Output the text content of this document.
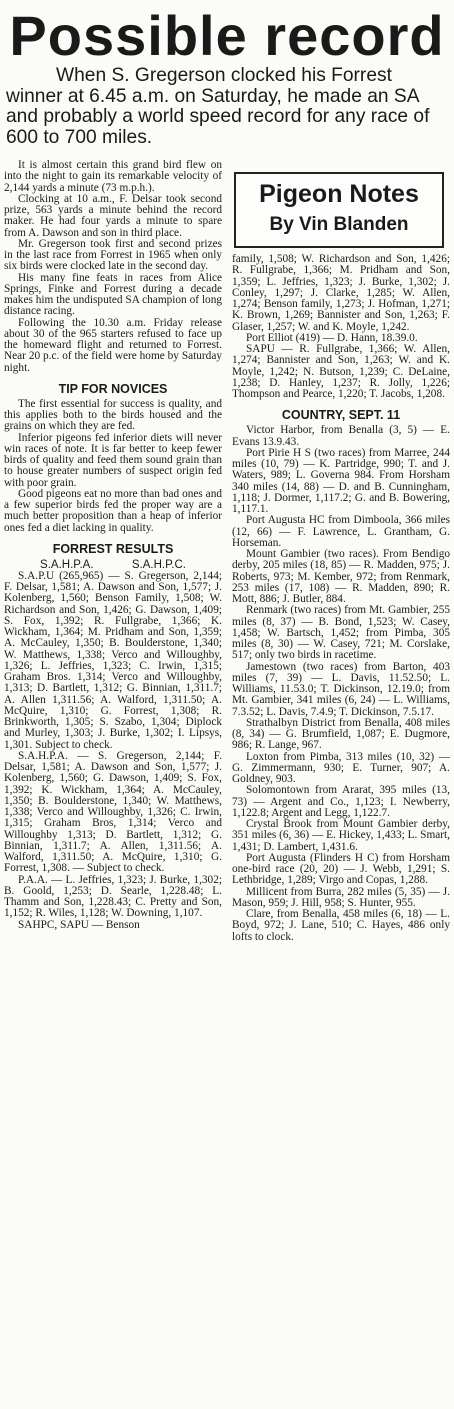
Possible record
When S. Gregerson clocked his Forrest winner at 6.45 a.m. on Saturday, he made an SA and probably a world speed record for any race of 600 to 700 miles.

It is almost certain this grand bird flew on into the night to gain its remarkable velocity of 2,144 yards a minute (73 m.p.h.).

Clocking at 10 a.m., F. Delsar took second prize, 563 yards a minute behind the record maker. He had four yards a minute to spare from A. Dawson and son in third place.

Mr. Gregerson took first and second prizes in the last race from Forrest in 1965 when only six birds were clocked late in the second day.

His many fine feats in races from Alice Springs, Finke and Forrest during a decade makes him the undisputed SA champion of long distance racing.

Following the 10.30 a.m. Friday release about 30 of the 965 starters refused to face up the homeward flight and returned to Forrest. Near 20 p.c. of the field were home by Saturday night.

TIP FOR NOVICES

The first essential for success is quality, and this applies both to the birds housed and the grains on which they are fed.

Inferior pigeons fed inferior diets will never win races of note. It is far better to keep fewer birds of quality and feed them sound grain than to house greater numbers of suspect origin fed with poor grain.

Good pigeons eat no more than bad ones and a few superior birds fed the proper way are a much better proposition than a heap of inferior ones fed a diet lacking in quality.

FORREST RESULTS
S.A.H.P.A.            S.A.H.P.C.

S.A.P.U (265,965) — S. Gregerson, 2,144; F. Delsar, 1,581; A. Dawson and Son, 1,577; J. Kolenberg, 1,560; Benson Family, 1,508; W. Richardson and Son, 1,426; G. Dawson, 1,409; S. Fox, 1,392; R. Fullgrabe, 1,366; K. Wickham, 1,364; M. Pridham and Son, 1,359; A. McCauley, 1,350; B. Boulderstone, 1,340; W. Matthews, 1,338; Verco and Willoughby, 1,326; L. Jeffries, 1,323; C. Irwin, 1,315; Graham Bros. 1,314; Verco and Willoughby, 1,313; D. Bartlett, 1,312; G. Binnian, 1,311.7; A. Allen 1,311.56; A. Walford, 1,311.50; A. McQuire, 1,310; G. Forrest, 1,308; R. Brinkworth, 1,305; S. Szabo, 1,304; Diplock and Murley, 1,303; J. Burke, 1,302; I. Lipsys, 1,301. Subject to check.

S.A.H.P.A. — S. Gregerson, 2,144; F. Delsar, 1,581; A. Dawson and Son, 1,577; J. Kolenberg, 1,560; G. Dawson, 1,409; S. Fox, 1,392; K. Wickham, 1,364; A. McCauley, 1,350; B. Boulderstone, 1,340; W. Matthews, 1,338; Verco and Willoughby, 1,326; C. Irwin, 1,315; Graham Bros, 1,314; Verco and Willoughby 1,313; D. Bartlett, 1,312; G. Binnian, 1,311.7; A. Allen, 1,311.56; A. Walford, 1,311.50; A. McQuire, 1,310; G. Forrest, 1,308. — Subject to check.

P.A.A. — L. Jeffries, 1,323; J. Burke, 1,302; B. Goold, 1,253; D. Searle, 1,228.48; L. Thamm and Son, 1,228.43; C. Pretty and Son, 1,152; R. Wiles, 1,128; W. Downing, 1,107.

SAHPC, SAPU — Benson

Pigeon Notes
By Vin Blanden

family, 1,508; W. Richardson and Son, 1,426; R. Fullgrabe, 1,366; M. Pridham and Son, 1,359; L. Jeffries, 1,323; J. Burke, 1,302; J. Conley, 1,297; J. Clarke, 1,285; W. Allen, 1,274; Benson family, 1,273; J. Hofman, 1,271; K. Brown, 1,269; Bannister and Son, 1,263; F. Glaser, 1,257; W. and K. Moyle, 1,242.

Port Elliot (419) — D. Hann, 18.39.0.

SAPU — R. Fullgrabe, 1,366; W. Allen, 1,274; Bannister and Son, 1,263; W. and K. Moyle, 1,242; N. Butson, 1,239; C. DeLaine, 1,238; D. Hanley, 1,237; R. Jolly, 1,226; Thompson and Pearce, 1,220; T. Jacobs, 1,208.

COUNTRY, SEPT. 11

Victor Harbor, from Benalla (3, 5) — E. Evans 13.9.43.

Port Pirie H S (two races) from Marree, 244 miles (10, 79) — K. Partridge, 990; T. and J. Waters, 989; L. Governa 984. From Horsham 340 miles (14, 88) — D. and B. Cunningham, 1,118; J. Dormer, 1,117.2; G. and B. Bowering, 1,117.1.

Port Augusta HC from Dimboola, 366 miles (12, 66) — F. Lawrence, L. Grantham, G. Horseman.

Mount Gambier (two races). From Bendigo derby, 205 miles (18, 85) — R. Madden, 975; J. Roberts, 973; M. Kember, 972; from Renmark, 253 miles (17, 108) — R. Madden, 890; R. Mott, 886; J. Butler, 884.

Renmark (two races) from Mt. Gambier, 255 miles (8, 37) — B. Bond, 1,523; W. Casey, 1,458; W. Bartsch, 1,452; from Pimba, 305 miles (8, 30) — W. Casey, 721; M. Corslake, 517; only two birds in racetime.

Jamestown (two races) from Barton, 403 miles (7, 39) — L. Davis, 11.52.50; L. Williams, 11.53.0; T. Dickinson, 12.19.0; from Mt. Gambier, 341 miles (6, 24) — L. Williams, 7.3.52; L. Davis, 7.4.9; T. Dickinson, 7.5.17.

Strathalbyn District from Benalla, 408 miles (8, 34) — G. Brumfield, 1,087; E. Dugmore, 986; R. Lange, 967.

Loxton from Pimba, 313 miles (10, 32) — G. Zimmermann, 930; E. Turner, 907; A. Goldney, 903.

Solomontown from Ararat, 395 miles (13, 73) — Argent and Co., 1,123; I. Newberry, 1,122.8; Argent and Legg, 1,122.7.

Crystal Brook from Mount Gambier derby, 351 miles (6, 36) — E. Hickey, 1,433; L. Smart, 1,431; D. Lambert, 1,431.6.

Port Augusta (Flinders H C) from Horsham one-bird race (20, 20) — J. Webb, 1,291; S. Lethbridge, 1,289; Virgo and Copas, 1,288.

Millicent from Burra, 282 miles (5, 35) — J. Mason, 959; J. Hill, 958; S. Hunter, 955.

Clare, from Benalla, 458 miles (6, 18) — L. Boyd, 972; J. Lane, 510; C. Hayes, 486 only lofts to clock.
